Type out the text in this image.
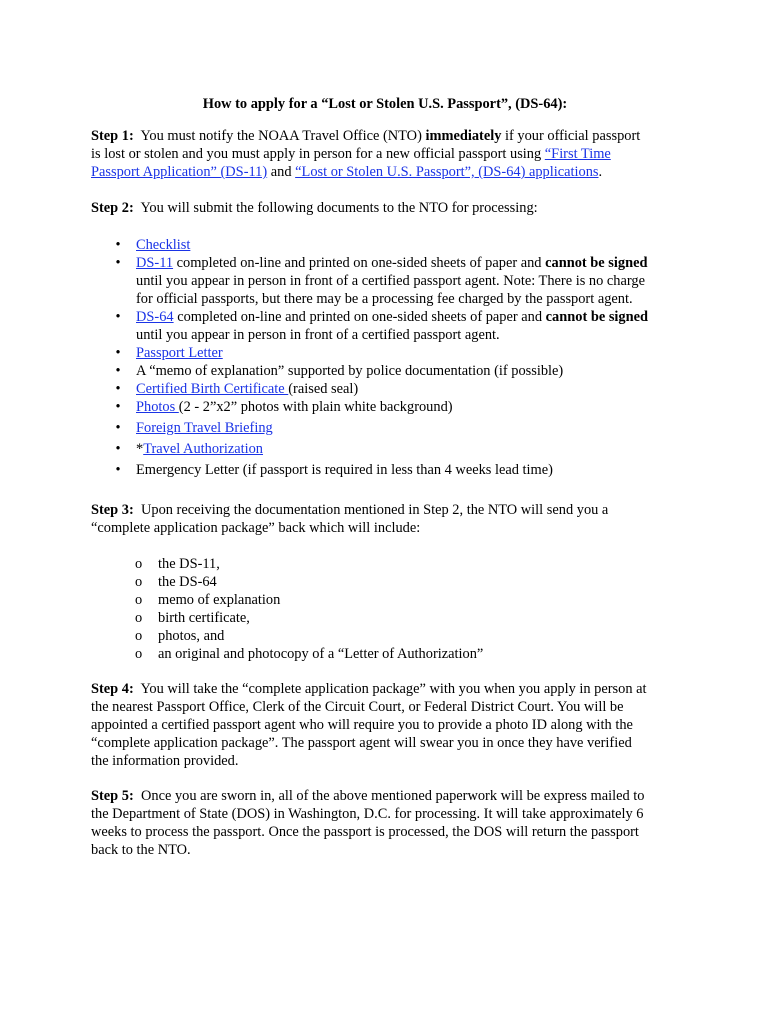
How to apply for a “Lost or Stolen U.S. Passport”, (DS-64):
Step 1: You must notify the NOAA Travel Office (NTO) immediately if your official passport
is lost or stolen and you must apply in person for a new official passport using “First Time
Passport Application” (DS-11) and “Lost or Stolen U.S. Passport”, (DS-64) applications.
Step 2: You will submit the following documents to the NTO for processing:
• Checklist
• DS-11 completed on-line and printed on one-sided sheets of paper and cannot be signed
until you appear in person in front of a certified passport agent. Note: There is no charge
for official passports, but there may be a processing fee charged by the passport agent.
• DS-64 completed on-line and printed on one-sided sheets of paper and cannot be signed
until you appear in person in front of a certified passport agent.
• Passport Letter
• A “memo of explanation” supported by police documentation (if possible)
• Certified Birth Certificate (raised seal)
• Photos (2 - 2”x2” photos with plain white background)
• Foreign Travel Briefing
• *Travel Authorization
• Emergency Letter (if passport is required in less than 4 weeks lead time)
Step 3: Upon receiving the documentation mentioned in Step 2, the NTO will send you a
“complete application package” back which will include:
o the DS-11,
o the DS-64
o memo of explanation
o birth certificate,
o photos, and
o an original and photocopy of a “Letter of Authorization”
Step 4: You will take the “complete application package” with you when you apply in person at
the nearest Passport Office, Clerk of the Circuit Court, or Federal District Court. You will be
appointed a certified passport agent who will require you to provide a photo ID along with the
“complete application package”. The passport agent will swear you in once they have verified
the information provided.
Step 5: Once you are sworn in, all of the above mentioned paperwork will be express mailed to
the Department of State (DOS) in Washington, D.C. for processing. It will take approximately 6
weeks to process the passport. Once the passport is processed, the DOS will return the passport
back to the NTO.
